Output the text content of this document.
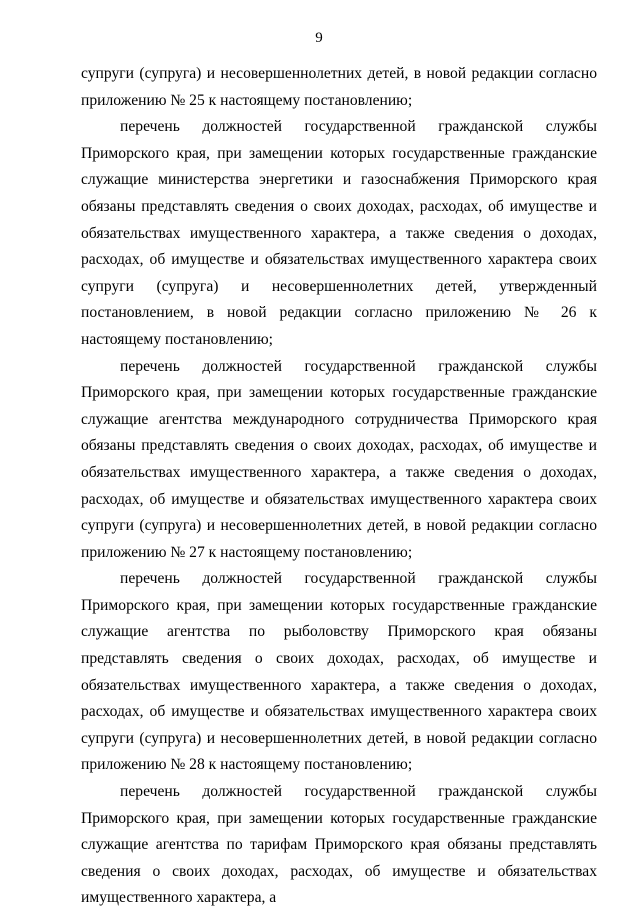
9

супруги (супруга) и несовершеннолетних детей, в новой редакции согласно приложению № 25 к настоящему постановлению;

перечень должностей государственной гражданской службы Приморского края, при замещении которых государственные гражданские служащие министерства энергетики и газоснабжения Приморского края обязаны представлять сведения о своих доходах, расходах, об имуществе и обязательствах имущественного характера, а также сведения о доходах, расходах, об имуществе и обязательствах имущественного характера своих супруги (супруга) и несовершеннолетних детей, утвержденный постановлением, в новой редакции согласно приложению № 26 к настоящему постановлению;

перечень должностей государственной гражданской службы Приморского края, при замещении которых государственные гражданские служащие агентства международного сотрудничества Приморского края обязаны представлять сведения о своих доходах, расходах, об имуществе и обязательствах имущественного характера, а также сведения о доходах, расходах, об имуществе и обязательствах имущественного характера своих супруги (супруга) и несовершеннолетних детей, в новой редакции согласно приложению № 27 к настоящему постановлению;

перечень должностей государственной гражданской службы Приморского края, при замещении которых государственные гражданские служащие агентства по рыболовству Приморского края обязаны представлять сведения о своих доходах, расходах, об имуществе и обязательствах имущественного характера, а также сведения о доходах, расходах, об имуществе и обязательствах имущественного характера своих супруги (супруга) и несовершеннолетних детей, в новой редакции согласно приложению № 28 к настоящему постановлению;

перечень должностей государственной гражданской службы Приморского края, при замещении которых государственные гражданские служащие агентства по тарифам Приморского края обязаны представлять сведения о своих доходах, расходах, об имуществе и обязательствах имущественного характера, а
